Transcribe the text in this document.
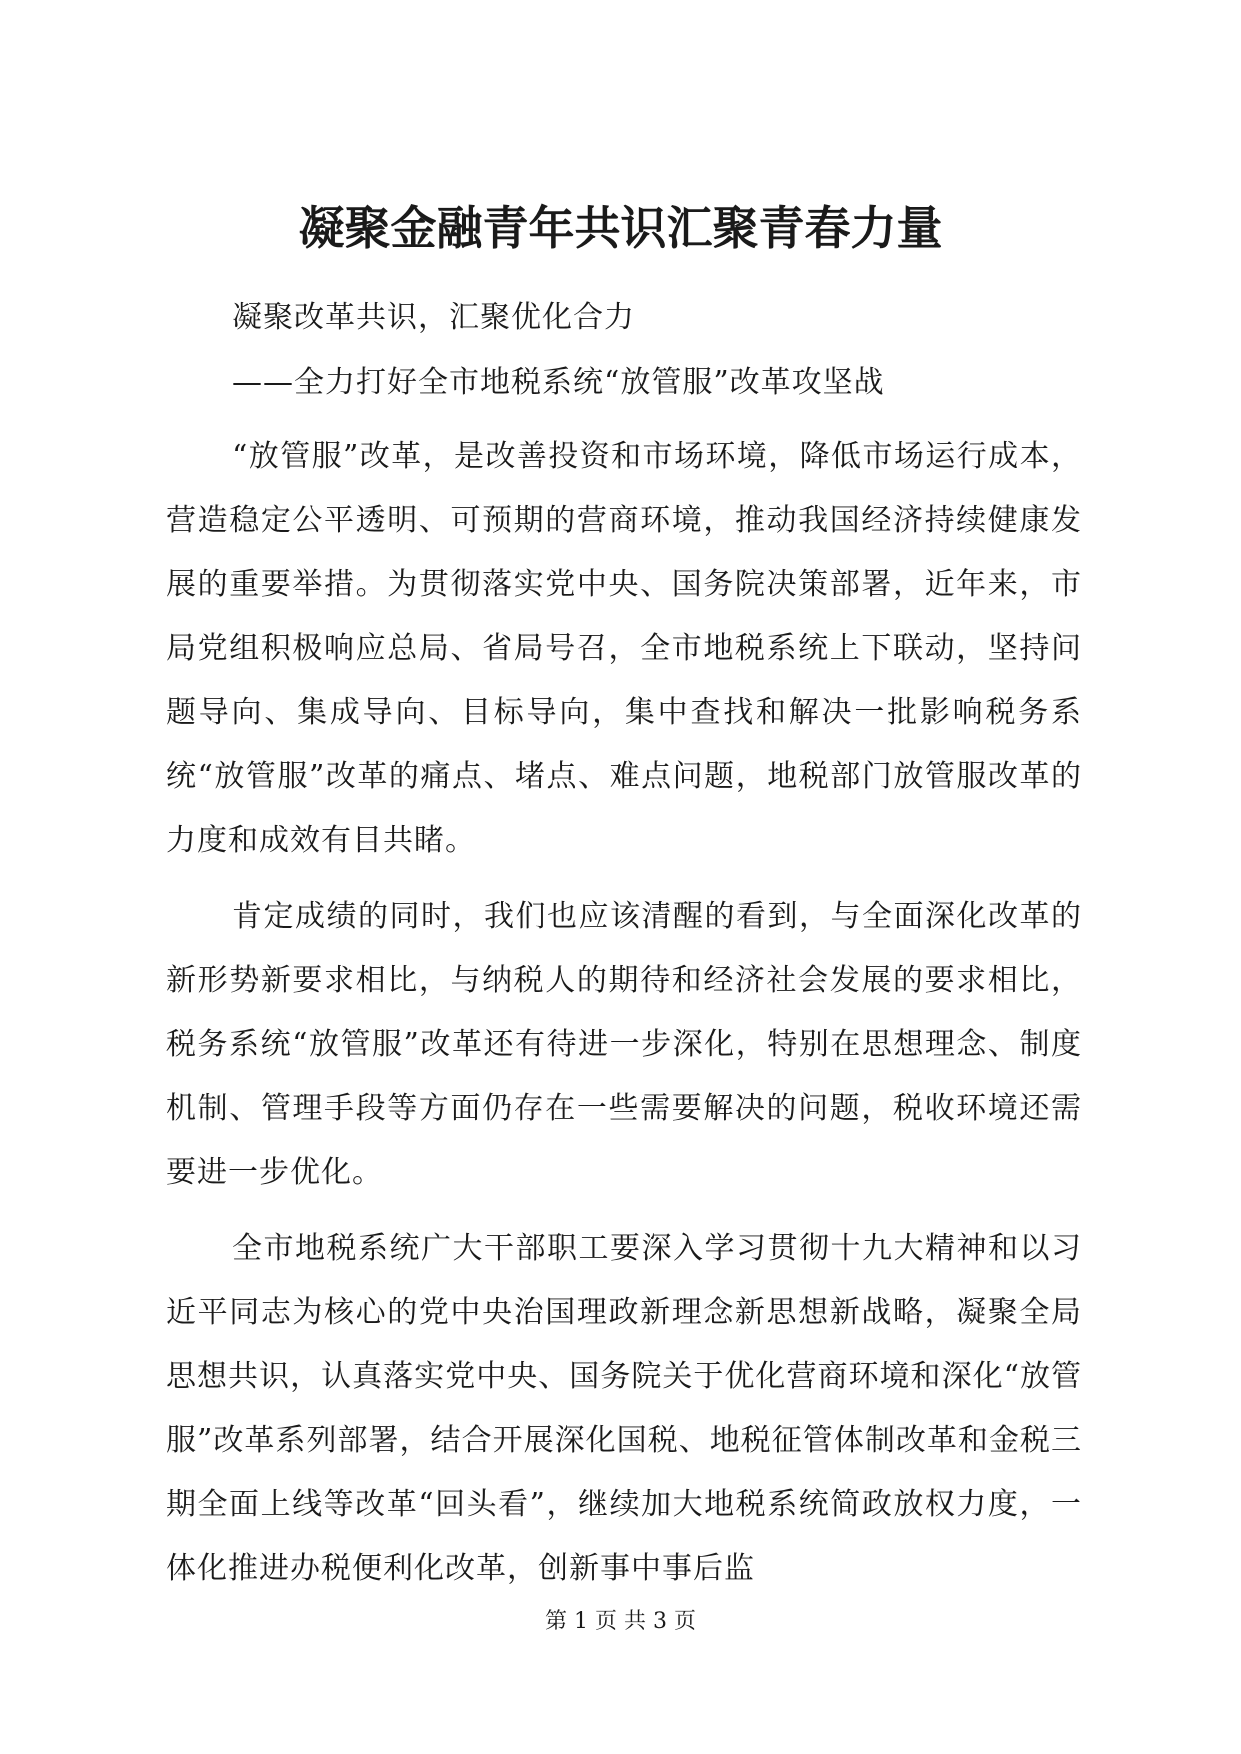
凝聚金融青年共识汇聚青春力量
凝聚改革共识，汇聚优化合力
——全力打好全市地税系统“放管服”改革攻坚战

“放管服”改革，是改善投资和市场环境，降低市场运行成本，营造稳定公平透明、可预期的营商环境，推动我国经济持续健康发展的重要举措。为贯彻落实党中央、国务院决策部署，近年来，市局党组积极响应总局、省局号召，全市地税系统上下联动，坚持问题导向、集成导向、目标导向，集中查找和解决一批影响税务系统“放管服”改革的痛点、堵点、难点问题，地税部门放管服改革的力度和成效有目共睹。

肯定成绩的同时，我们也应该清醒的看到，与全面深化改革的新形势新要求相比，与纳税人的期待和经济社会发展的要求相比，税务系统“放管服”改革还有待进一步深化，特别在思想理念、制度机制、管理手段等方面仍存在一些需要解决的问题，税收环境还需要进一步优化。

全市地税系统广大干部职工要深入学习贯彻十九大精神和以习近平同志为核心的党中央治国理政新理念新思想新战略，凝聚全局思想共识，认真落实党中央、国务院关于优化营商环境和深化“放管服”改革系列部署，结合开展深化国税、地税征管体制改革和金税三期全面上线等改革“回头看”，继续加大地税系统简政放权力度，一体化推进办税便利化改革，创新事中事后监

第 1 页 共 3 页
